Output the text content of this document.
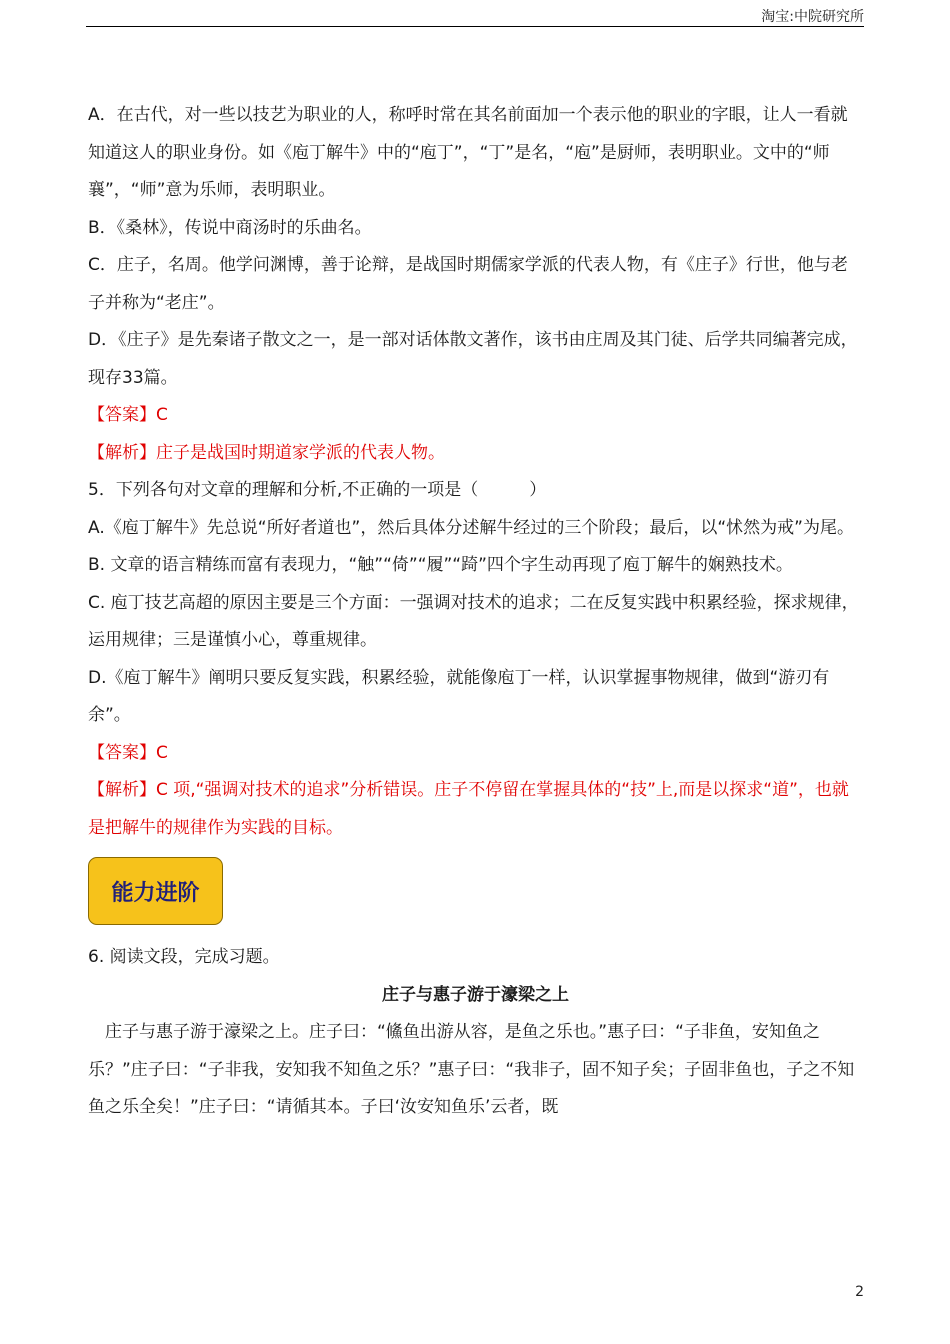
淘宝:中院研究所

A．在古代，对一些以技艺为职业的人，称呼时常在其名前面加一个表示他的职业的字眼，让人一看就知道这人的职业身份。如《庖丁解牛》中的“庖丁”，“丁”是名，“庖”是厨师，表明职业。文中的“师襄”，“师”意为乐师，表明职业。

B．《桑林》，传说中商汤时的乐曲名。

C．庄子，名周。他学问渊博，善于论辩，是战国时期儒家学派的代表人物，有《庄子》行世，他与老子并称为“老庄”。

D．《庄子》是先秦诸子散文之一，是一部对话体散文著作，该书由庄周及其门徒、后学共同编著完成，现存33篇。

【答案】C

【解析】庄子是战国时期道家学派的代表人物。

5．下列各句对文章的理解和分析,不正确的一项是（　　　）

A.《庖丁解牛》先总说“所好者道也”，然后具体分述解牛经过的三个阶段；最后，以“怵然为戒”为尾。

B. 文章的语言精练而富有表现力，“触”“倚”“履”“踦”四个字生动再现了庖丁解牛的娴熟技术。

C. 庖丁技艺高超的原因主要是三个方面：一强调对技术的追求；二在反复实践中积累经验，探求规律，运用规律；三是谨慎小心，尊重规律。

D.《庖丁解牛》阐明只要反复实践，积累经验，就能像庖丁一样，认识掌握事物规律，做到“游刃有余”。

【答案】C

【解析】C 项,“强调对技术的追求”分析错误。庄子不停留在掌握具体的“技”上,而是以探求“道”，也就是把解牛的规律作为实践的目标。

能力进阶

6. 阅读文段，完成习题。

庄子与惠子游于濠梁之上

庄子与惠子游于濠梁之上。庄子曰：“鯈鱼出游从容，是鱼之乐也。”惠子曰：“子非鱼，安知鱼之乐？”庄子曰：“子非我，安知我不知鱼之乐？”惠子曰：“我非子，固不知子矣；子固非鱼也，子之不知鱼之乐全矣！”庄子曰：“请循其本。子曰‘汝安知鱼乐’云者，既

2
